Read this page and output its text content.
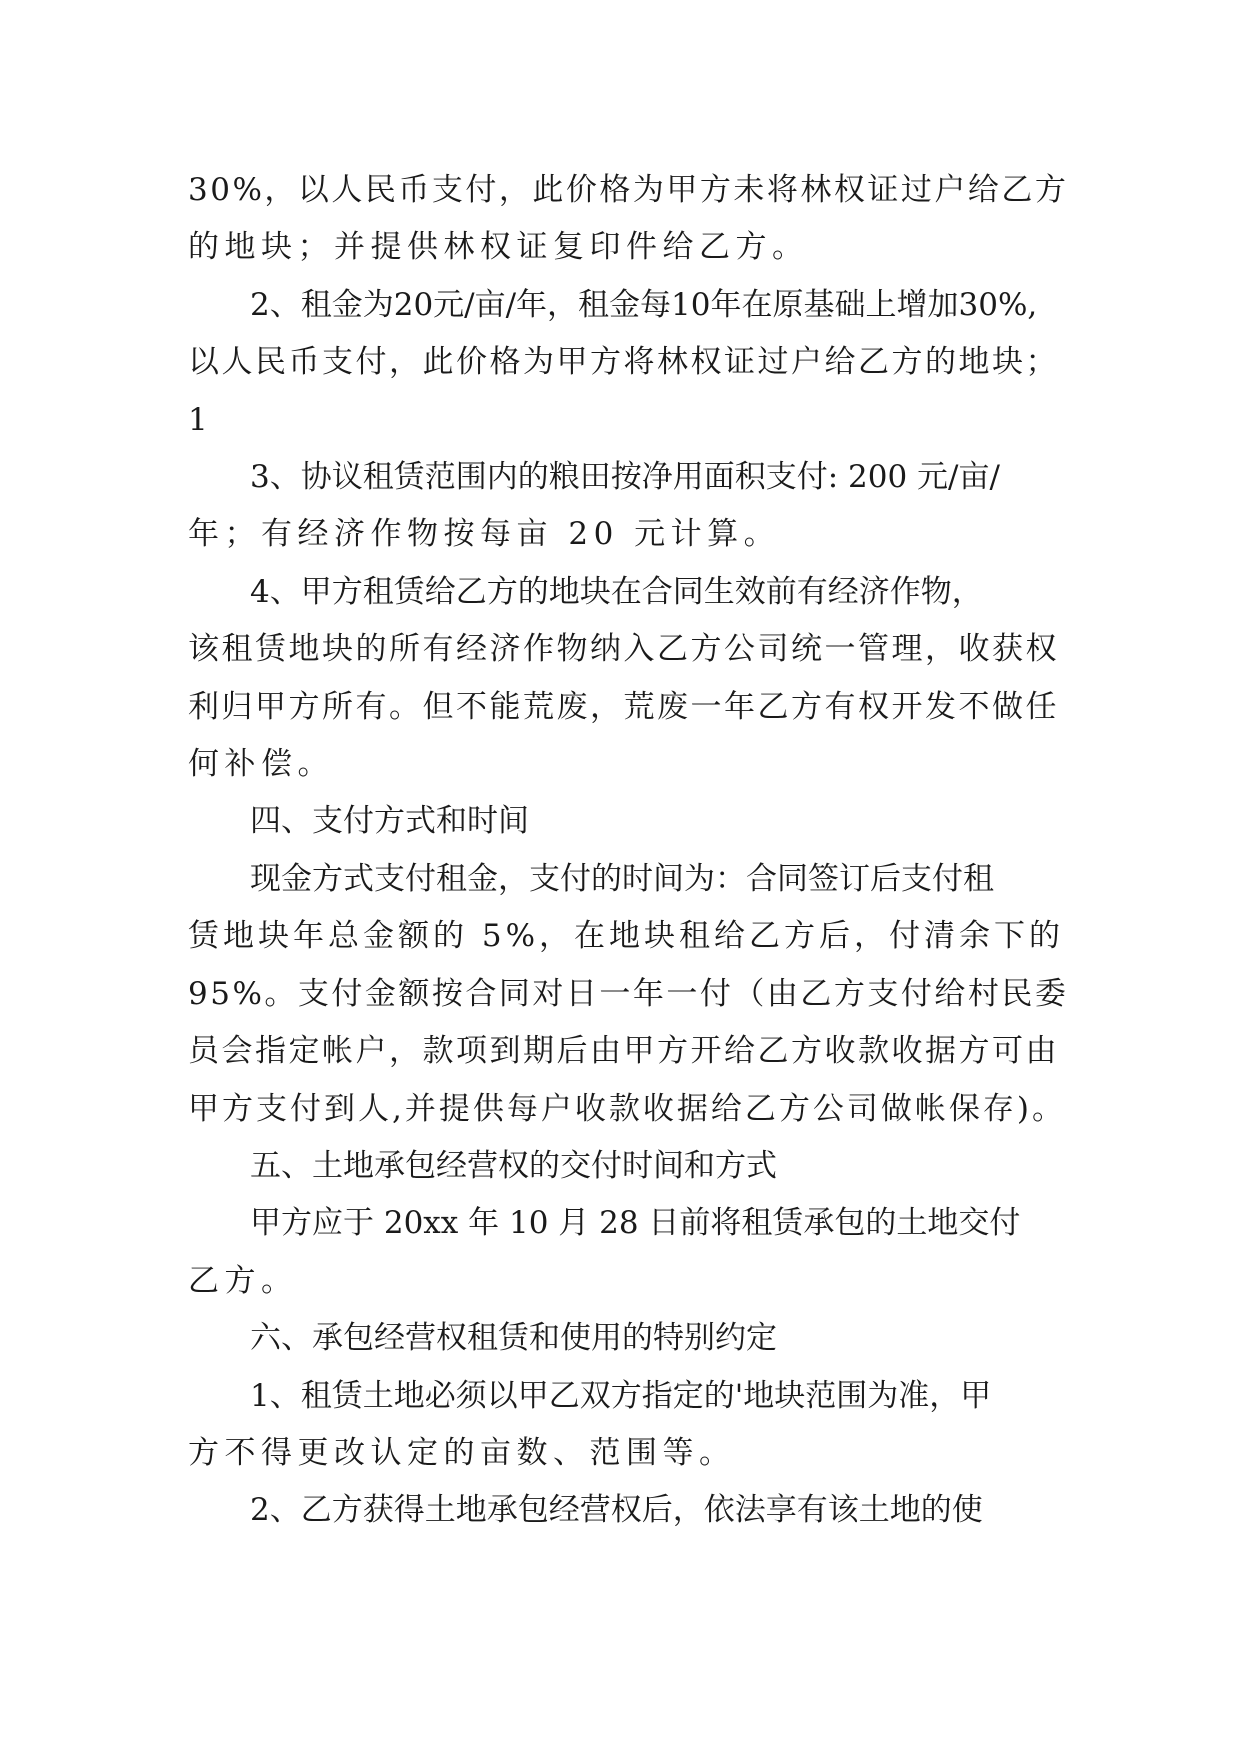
30%，以人民币支付，此价格为甲方未将林权证过户给乙方
的地块；并提供林权证复印件给乙方。
2、租金为20元/亩/年，租金每10年在原基础上增加30%,
以人民币支付，此价格为甲方将林权证过户给乙方的地块；
1
3、协议租赁范围内的粮田按净用面积支付: 200 元/亩/
年；有经济作物按每亩 20 元计算。
4、甲方租赁给乙方的地块在合同生效前有经济作物，
该租赁地块的所有经济作物纳入乙方公司统一管理，收获权
利归甲方所有。但不能荒废，荒废一年乙方有权开发不做任
何补偿。
四、支付方式和时间
现金方式支付租金，支付的时间为：合同签订后支付租
赁地块年总金额的 5%，在地块租给乙方后，付清余下的
95%。支付金额按合同对日一年一付（由乙方支付给村民委
员会指定帐户，款项到期后由甲方开给乙方收款收据方可由
甲方支付到人,并提供每户收款收据给乙方公司做帐保存)。
五、土地承包经营权的交付时间和方式
甲方应于 20xx 年 10 月 28 日前将租赁承包的土地交付
乙方。
六、承包经营权租赁和使用的特别约定
1、租赁土地必须以甲乙双方指定的'地块范围为准，甲
方不得更改认定的亩数、范围等。
2、乙方获得土地承包经营权后，依法享有该土地的使
